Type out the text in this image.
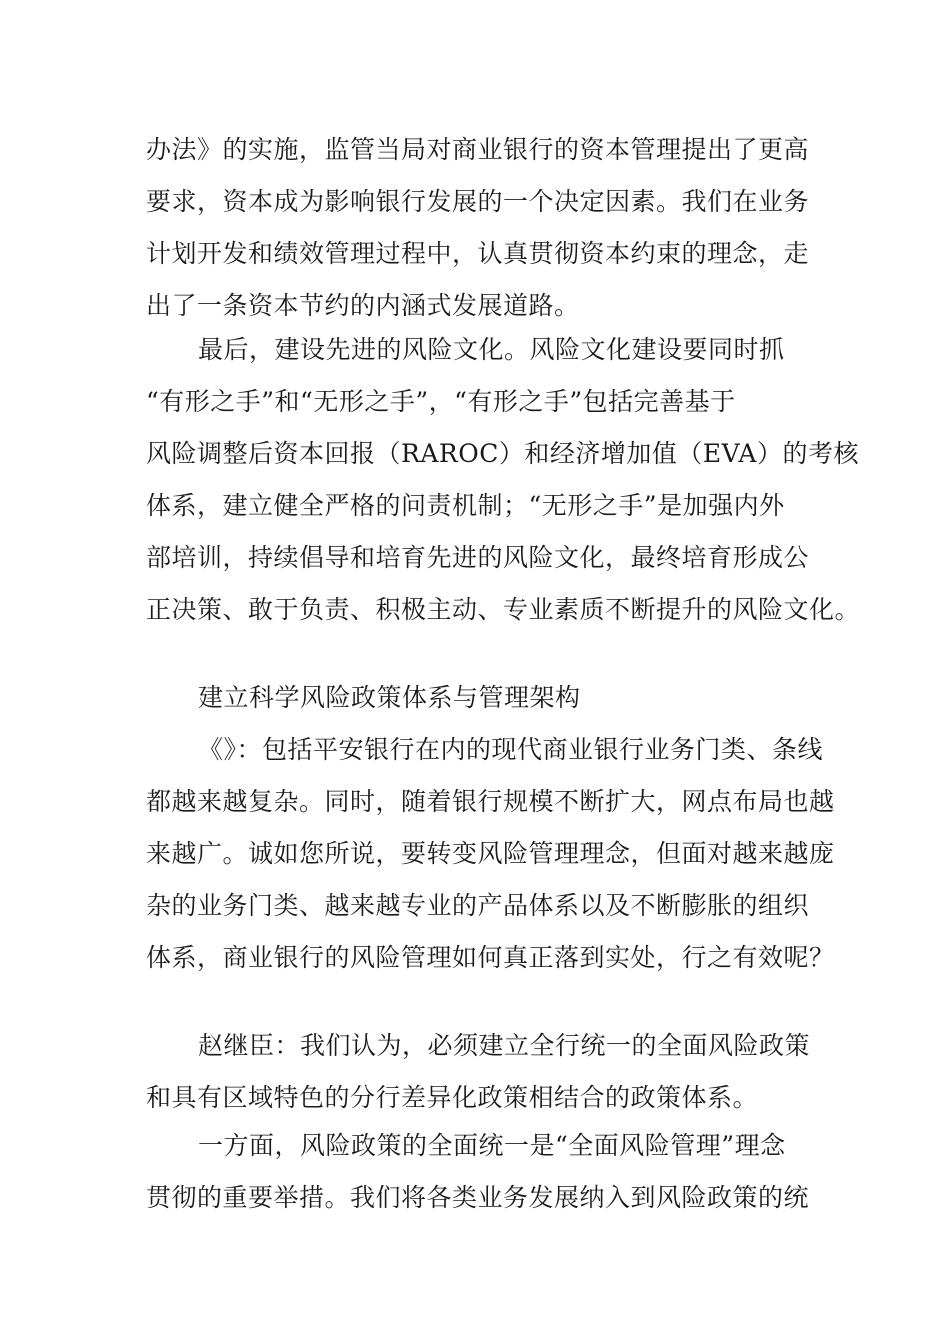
办法》的实施，监管当局对商业银行的资本管理提出了更高
要求，资本成为影响银行发展的一个决定因素。我们在业务
计划开发和绩效管理过程中，认真贯彻资本约束的理念，走
出了一条资本节约的内涵式发展道路。
最后，建设先进的风险文化。风险文化建设要同时抓
“有形之手”和“无形之手”，“有形之手”包括完善基于
风险调整后资本回报（RAROC）和经济增加值（EVA）的考核
体系，建立健全严格的问责机制；“无形之手”是加强内外
部培训，持续倡导和培育先进的风险文化，最终培育形成公
正决策、敢于负责、积极主动、专业素质不断提升的风险文化。
建立科学风险政策体系与管理架构
《》：包括平安银行在内的现代商业银行业务门类、条线
都越来越复杂。同时，随着银行规模不断扩大，网点布局也越
来越广。诚如您所说，要转变风险管理理念，但面对越来越庞
杂的业务门类、越来越专业的产品体系以及不断膨胀的组织
体系，商业银行的风险管理如何真正落到实处，行之有效呢？
赵继臣：我们认为，必须建立全行统一的全面风险政策
和具有区域特色的分行差异化政策相结合的政策体系。
一方面，风险政策的全面统一是“全面风险管理”理念
贯彻的重要举措。我们将各类业务发展纳入到风险政策的统
